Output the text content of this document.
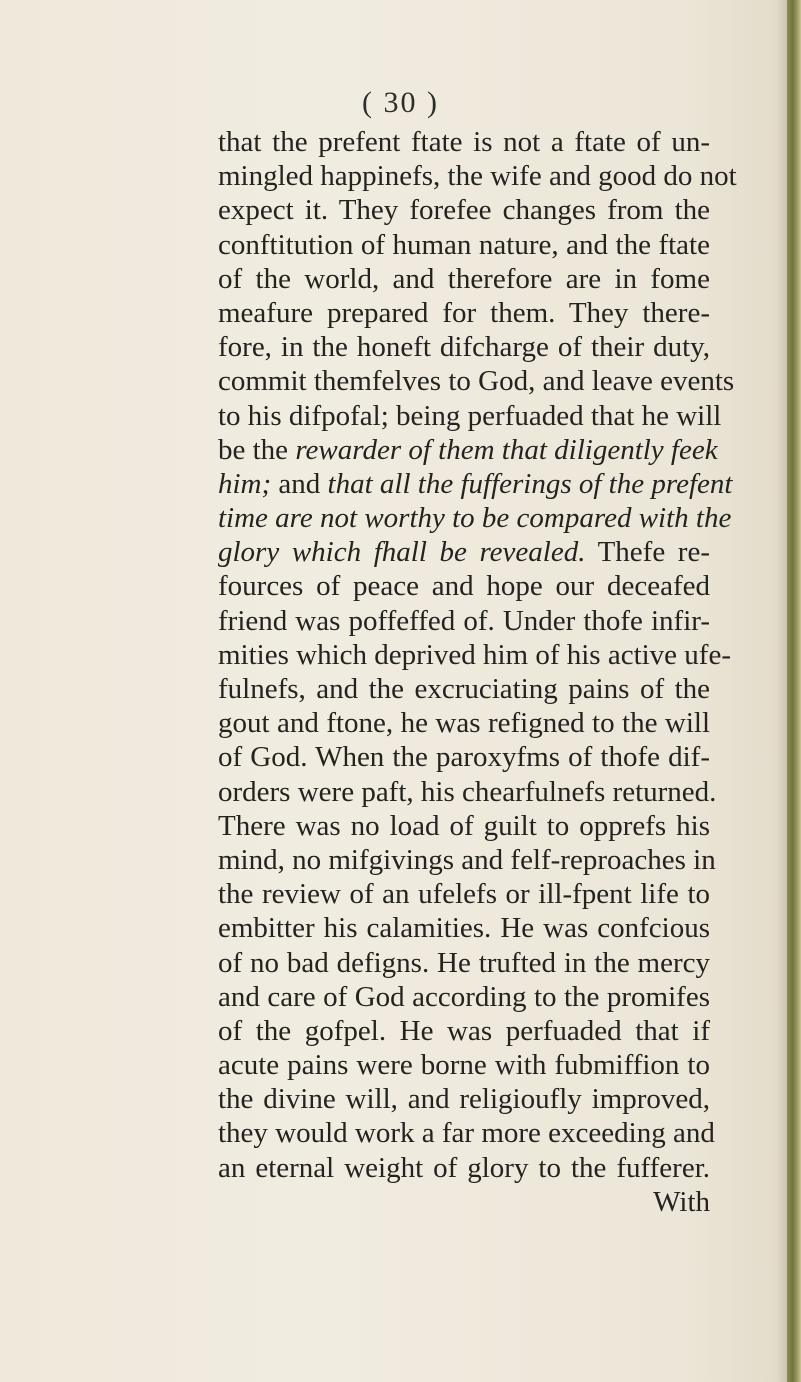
( 30 )
that the prefent ftate is not a ftate of un-
mingled happinefs, the wife and good do not
expect it. They forefee changes from the
conftitution of human nature, and the ftate
of the world, and therefore are in fome
meafure prepared for them. They there-
fore, in the honeft difcharge of their duty,
commit themfelves to God, and leave events
to his difpofal; being perfuaded that he will
be the rewarder of them that diligently feek
him; and that all the fufferings of the prefent
time are not worthy to be compared with the
glory which fhall be revealed. Thefe re-
fources of peace and hope our deceafed
friend was poffeffed of. Under thofe infir-
mities which deprived him of his active ufe-
fulnefs, and the excruciating pains of the
gout and ftone, he was refigned to the will
of God. When the paroxyfms of thofe dif-
orders were paft, his chearfulnefs returned.
There was no load of guilt to opprefs his
mind, no mifgivings and felf-reproaches in
the review of an ufelefs or ill-fpent life to
embitter his calamities. He was confcious
of no bad defigns. He trufted in the mercy
and care of God according to the promifes
of the gofpel. He was perfuaded that if
acute pains were borne with fubmiffion to
the divine will, and religioufly improved,
they would work a far more exceeding and
an eternal weight of glory to the fufferer.
With
